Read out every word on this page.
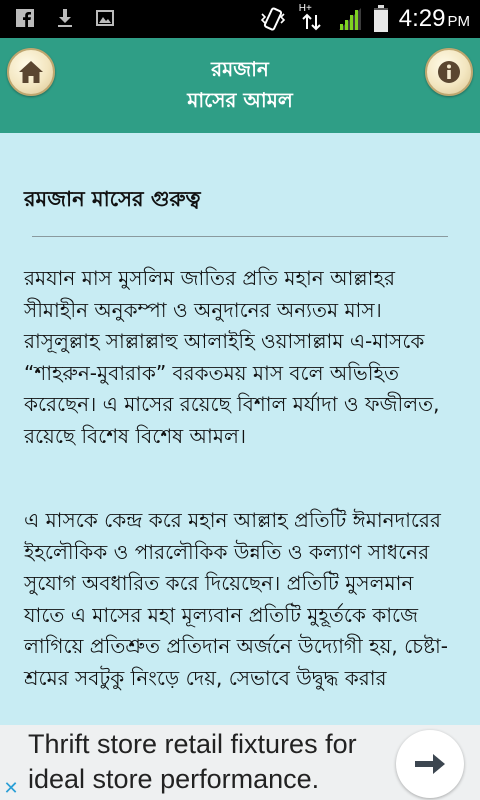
H+	4:29 PM
রমজান
মাসের আমল
রমজান মাসের গুরুত্ব

রমযান মাস মুসলিম জাতির প্রতি মহান আল্লাহর সীমাহীন অনুকম্পা ও অনুদানের অন্যতম মাস। রাসূলুল্লাহ সাল্লাল্লাহু আলাইহি ওয়াসাল্লাম এ-মাসকে “শাহরুন-মুবারাক” বরকতময় মাস বলে অভিহিত করেছেন। এ মাসের রয়েছে বিশাল মর্যাদা ও ফজীলত, রয়েছে বিশেষ বিশেষ আমল।

এ মাসকে কেন্দ্র করে মহান আল্লাহ প্রতিটি ঈমানদারের ইহলৌকিক ও পারলৌকিক উন্নতি ও কল্যাণ সাধনের সুযোগ অবধারিত করে দিয়েছেন। প্রতিটি মুসলমান যাতে এ মাসের মহা মূল্যবান প্রতিটি মুহূর্তকে কাজে লাগিয়ে প্রতিশ্রুত প্রতিদান অর্জনে উদ্যোগী হয়, চেষ্টা-শ্রমের সবটুকু নিংড়ে দেয়, সেভাবে উদ্বুদ্ধ করার

Thrift store retail fixtures for ideal store performance.
✕
